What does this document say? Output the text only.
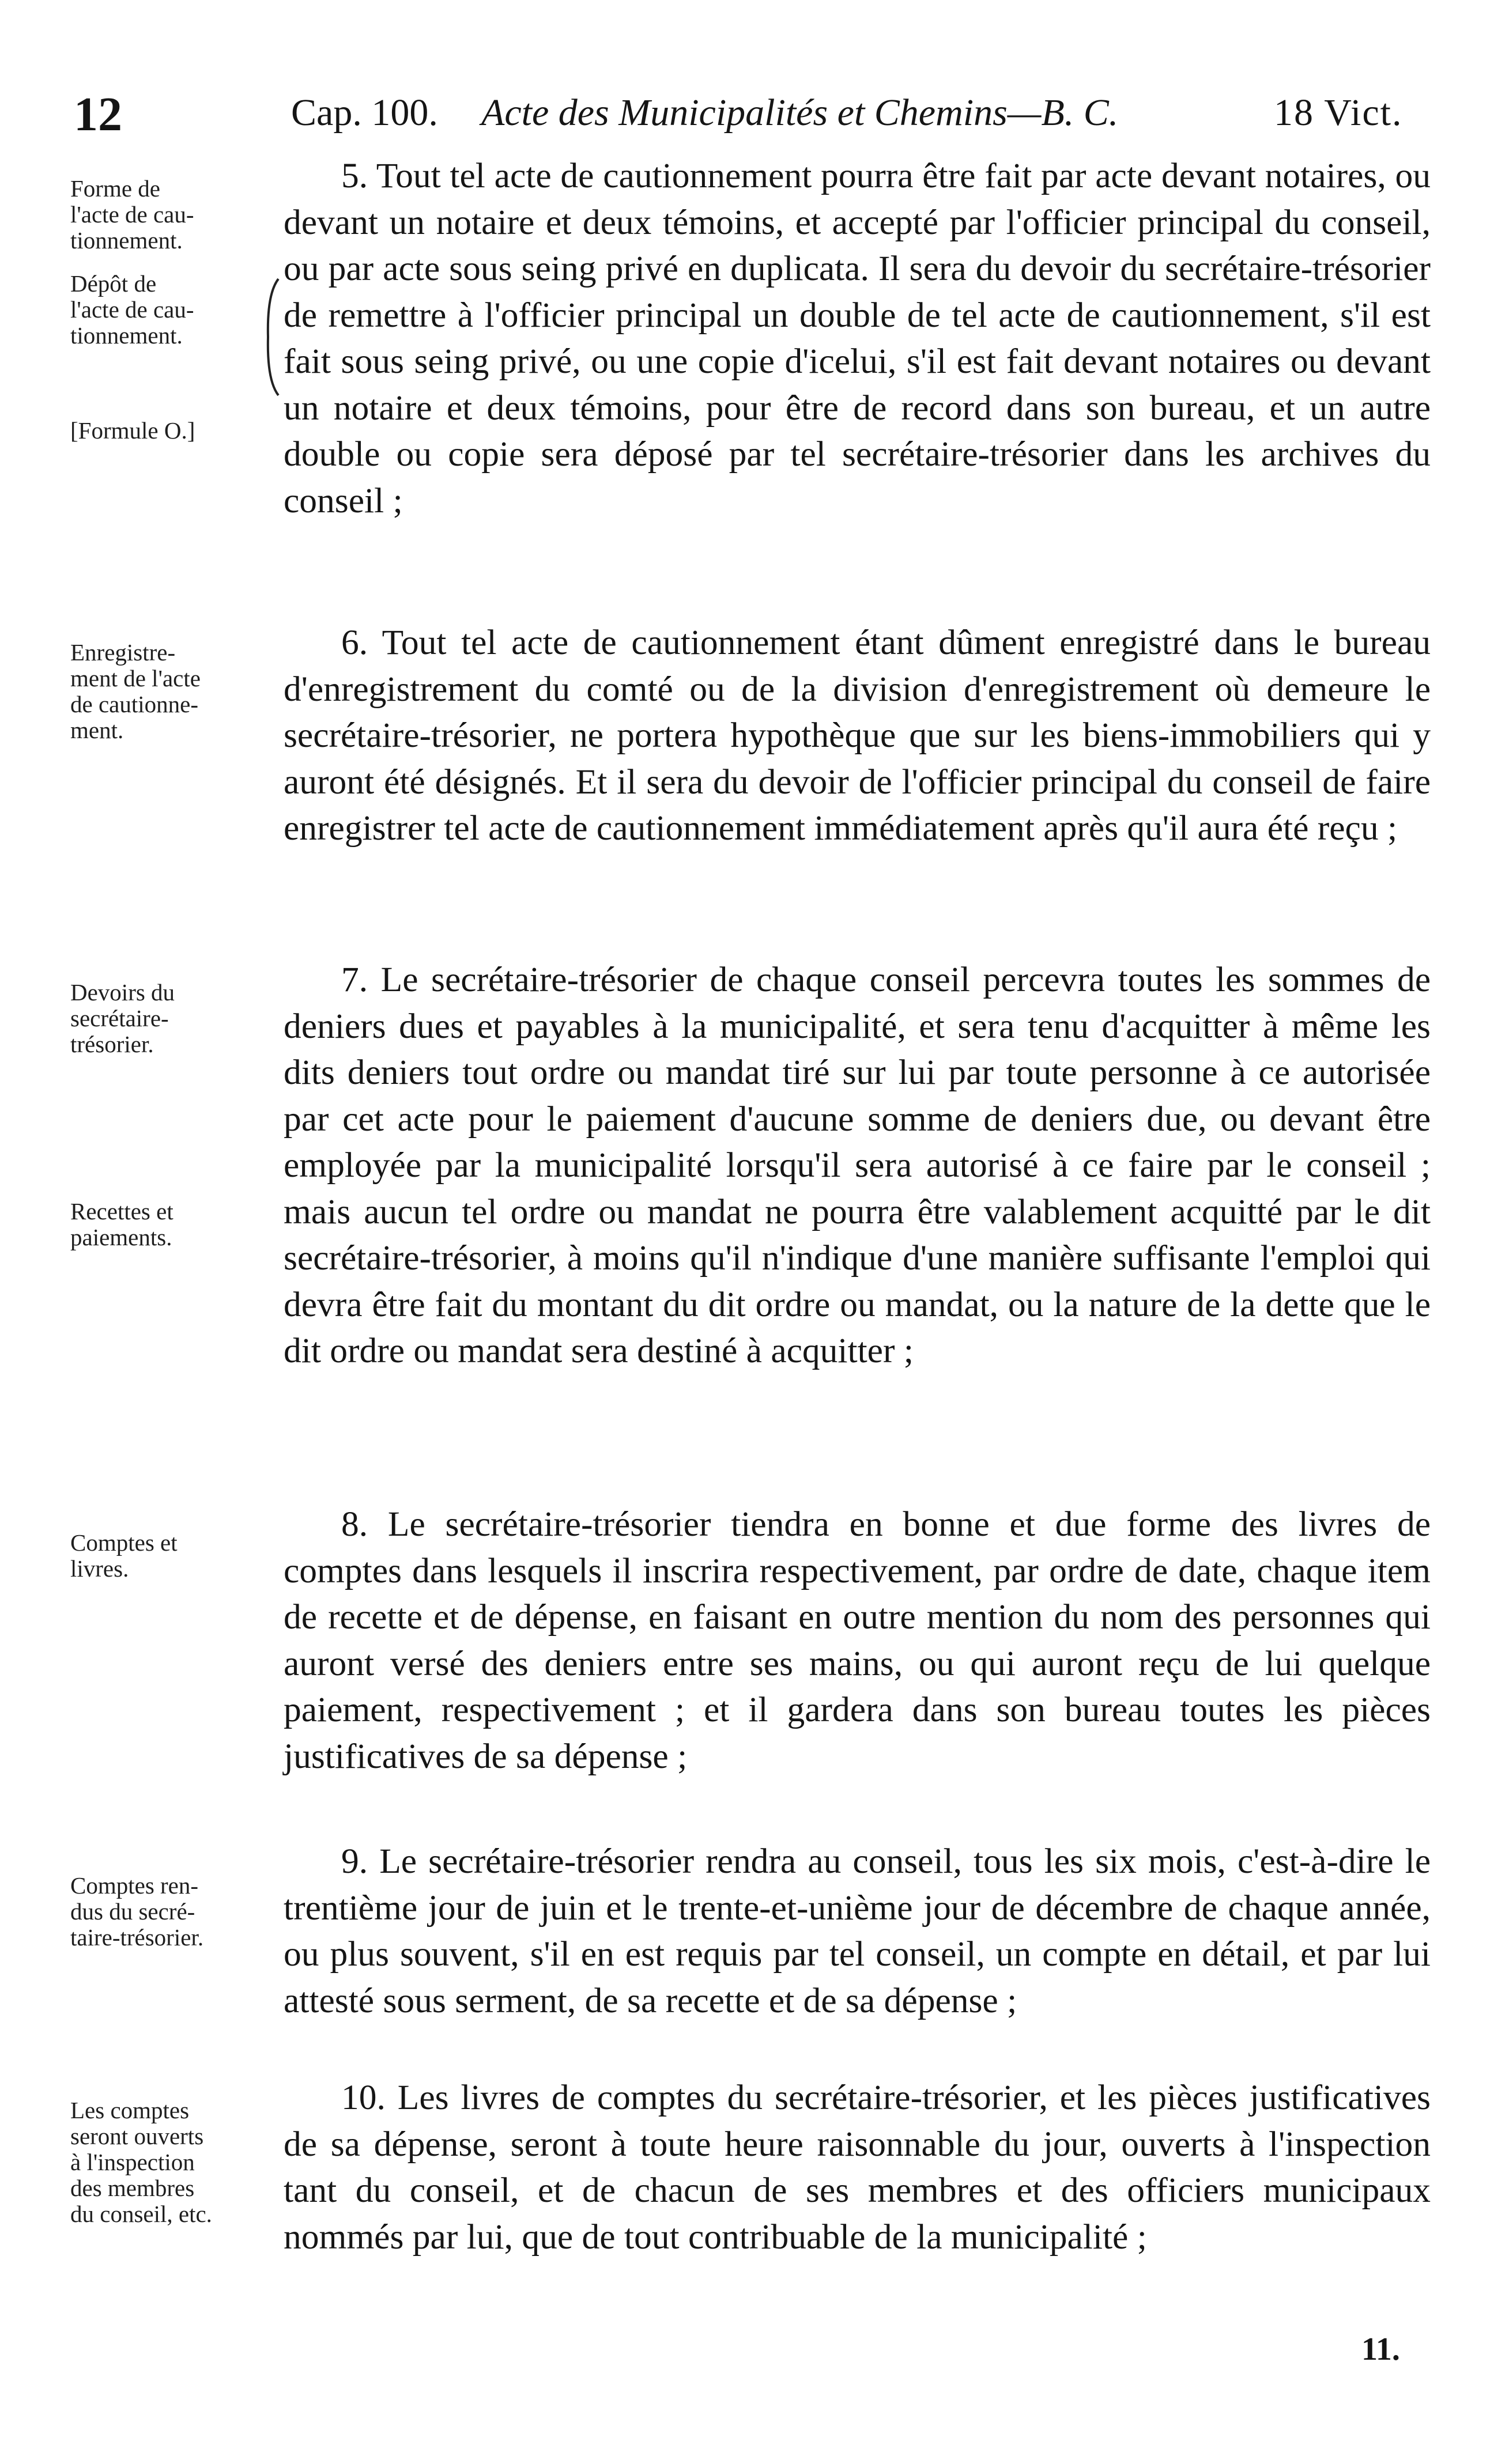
12	Cap. 100. Acte des Municipalités et Chemins—B. C.	18 Vict.
Forme de
l'acte de cau-
tionnement.
Dépôt de
l'acte de cau-
tionnement.
[Formule O.]
5. Tout tel acte de cautionnement pourra être fait par acte devant notaires, ou devant un notaire et deux témoins, et accepté par l'officier principal du conseil, ou par acte sous seing privé en duplicata. Il sera du devoir du secrétaire-trésorier de remettre à l'officier principal un double de tel acte de cautionnement, s'il est fait sous seing privé, ou une copie d'icelui, s'il est fait devant notaires ou devant un notaire et deux témoins, pour être de record dans son bureau, et un autre double ou copie sera déposé par tel secrétaire-trésorier dans les archives du conseil ;
Enregistre-
ment de l'acte
de cautionne-
ment.
6. Tout tel acte de cautionnement étant dûment enregistré dans le bureau d'enregistrement du comté ou de la division d'enregistrement où demeure le secrétaire-trésorier, ne portera hypothèque que sur les biens-immobiliers qui y auront été désignés. Et il sera du devoir de l'officier principal du conseil de faire enregistrer tel acte de cautionnement immédiatement après qu'il aura été reçu ;
Devoirs du
secrétaire-
trésorier.
Recettes et
paiements.
7. Le secrétaire-trésorier de chaque conseil percevra toutes les sommes de deniers dues et payables à la municipalité, et sera tenu d'acquitter à même les dits deniers tout ordre ou mandat tiré sur lui par toute personne à ce autorisée par cet acte pour le paiement d'aucune somme de deniers due, ou devant être employée par la municipalité lorsqu'il sera autorisé à ce faire par le conseil ; mais aucun tel ordre ou mandat ne pourra être valablement acquitté par le dit secrétaire-trésorier, à moins qu'il n'indique d'une manière suffisante l'emploi qui devra être fait du montant du dit ordre ou mandat, ou la nature de la dette que le dit ordre ou mandat sera destiné à acquitter ;
Comptes et
livres.
8. Le secrétaire-trésorier tiendra en bonne et due forme des livres de comptes dans lesquels il inscrira respectivement, par ordre de date, chaque item de recette et de dépense, en faisant en outre mention du nom des personnes qui auront versé des deniers entre ses mains, ou qui auront reçu de lui quelque paiement, respectivement ; et il gardera dans son bureau toutes les pièces justificatives de sa dépense ;
Comptes ren-
dus du secré-
taire-trésorier.
9. Le secrétaire-trésorier rendra au conseil, tous les six mois, c'est-à-dire le trentième jour de juin et le trente-et-unième jour de décembre de chaque année, ou plus souvent, s'il en est requis par tel conseil, un compte en détail, et par lui attesté sous serment, de sa recette et de sa dépense ;
Les comptes
seront ouverts
à l'inspection
des membres
du conseil, etc.
10. Les livres de comptes du secrétaire-trésorier, et les pièces justificatives de sa dépense, seront à toute heure raisonnable du jour, ouverts à l'inspection tant du conseil, et de chacun de ses membres et des officiers municipaux nommés par lui, que de tout contribuable de la municipalité ;
11.
